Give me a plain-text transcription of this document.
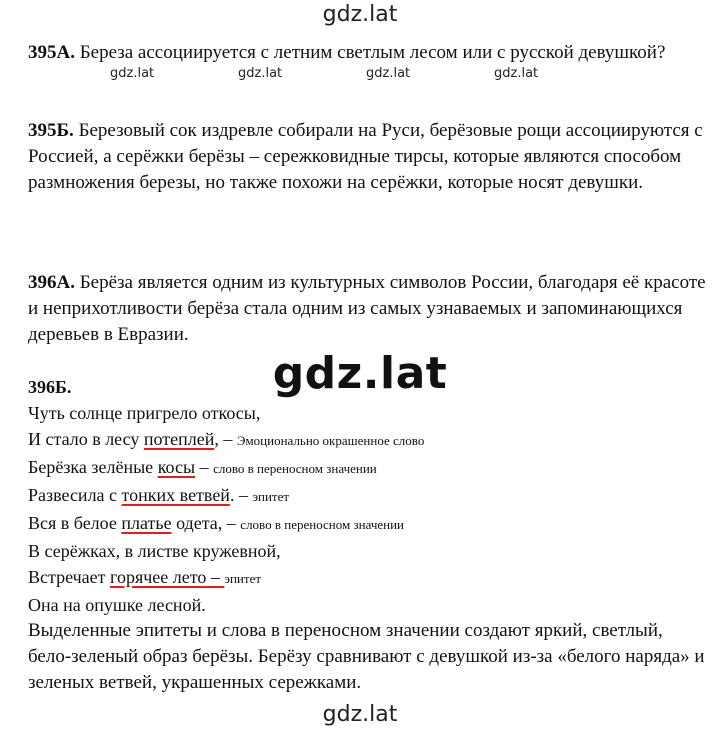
gdz.lat

395А. Береза ассоциируется с летним светлым лесом или с русской девушкой?

gdz.lat	gdz.lat	gdz.lat	gdz.lat

395Б. Березовый сок издревле собирали на Руси, берёзовые рощи ассоциируются с Россией, а серёжки берёзы – сережковидные тирсы, которые являются способом размножения березы, но также похожи на серёжки, которые носят девушки.

396А. Берёза является одним из культурных символов России, благодаря её красоте и неприхотливости берёза стала одним из самых узнаваемых и запоминающихся деревьев в Евразии.

gdz.lat
396Б.
Чуть солнце пригрело откосы,
И стало в лесу потеплей, – Эмоционально окрашенное слово
Берёзка зелёные косы – слово в переносном значении
Развесила с тонких ветвей. – эпитет
Вся в белое платье одета, – слово в переносном значении
В серёжках, в листве кружевной,
Встречает горячее лето – эпитет
Она на опушке лесной.
Выделенные эпитеты и слова в переносном значении создают яркий, светлый, бело-зеленый образ берёзы. Берёзу сравнивают с девушкой из-за «белого наряда» и зеленых ветвей, украшенных сережками.
gdz.lat
